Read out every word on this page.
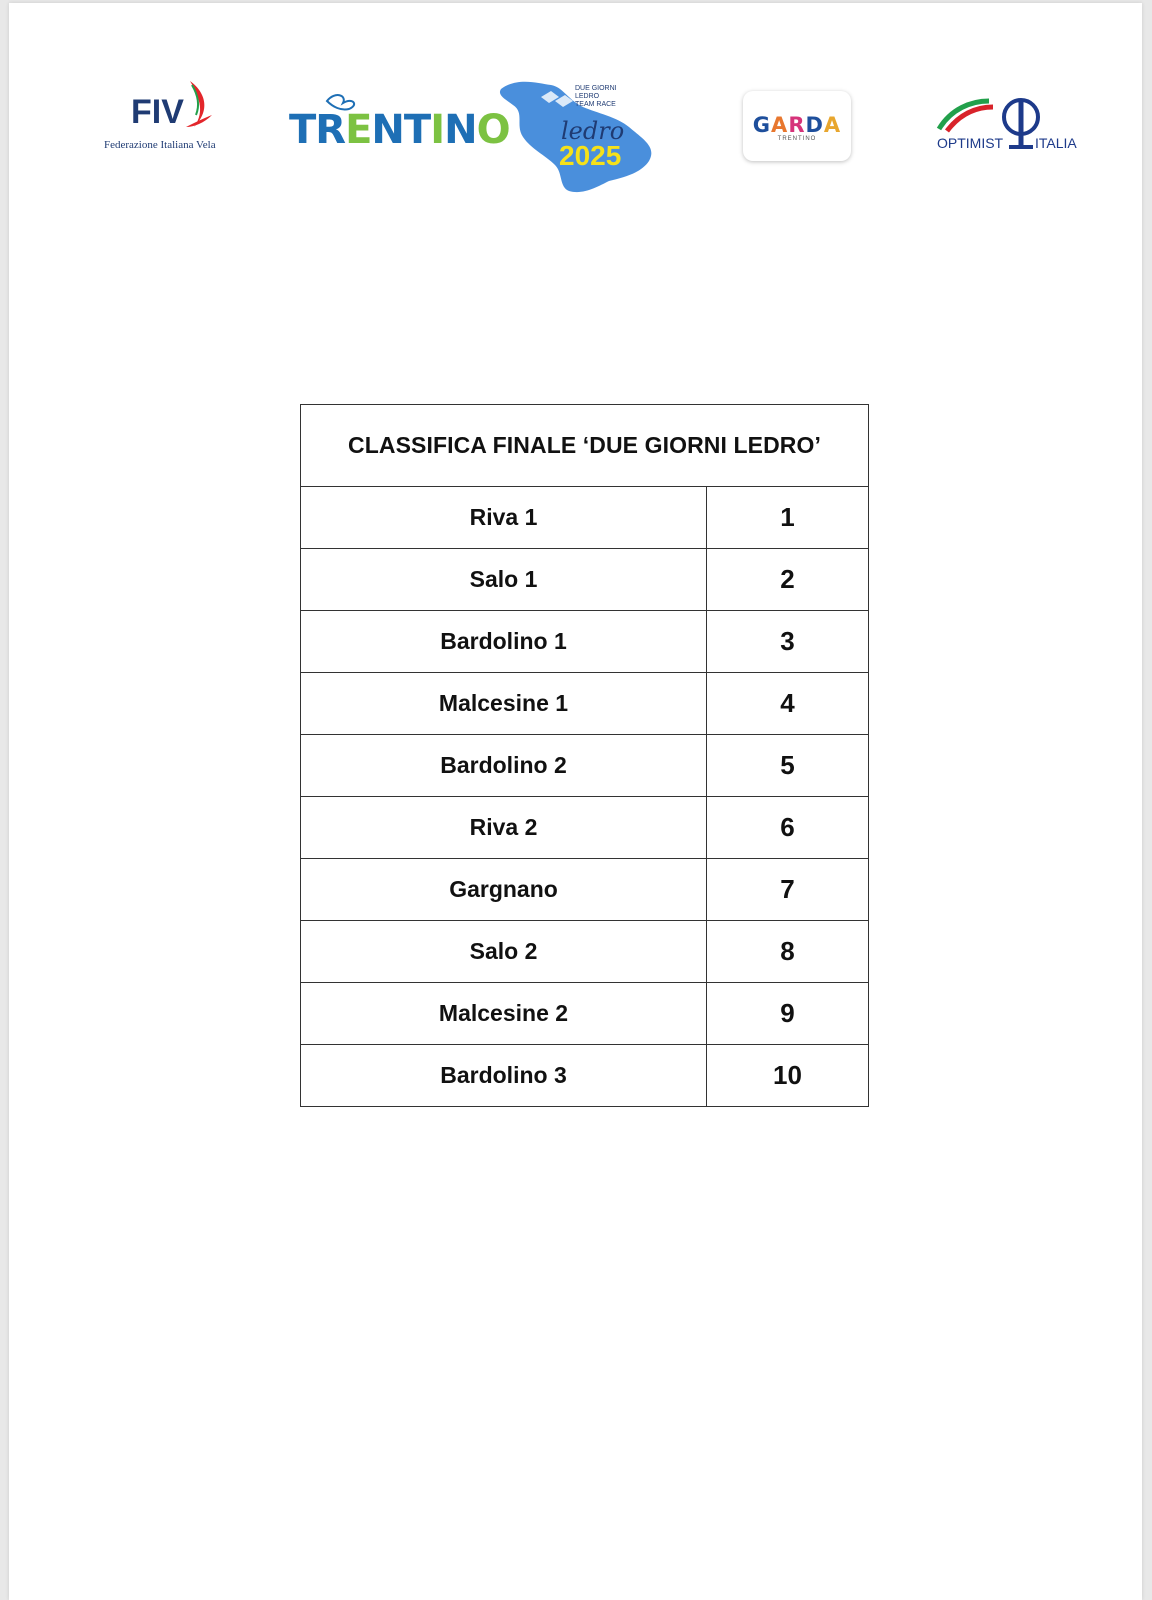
FIV
Federazione Italiana Vela TRENTINO ledro
2025
DUE GIORNI
LEDRO
TEAM RACE
GARDA
TRENTINO	OPTIMIST ITALIA
CLASSIFICA FINALE ‘DUE GIORNI LEDRO’	
Riva 1	1
Salo 1	2
Bardolino 1	3
Malcesine 1	4
Bardolino 2	5
Riva 2	6
Gargnano	7
Salo 2	8
Malcesine 2	9
Bardolino 3	10
